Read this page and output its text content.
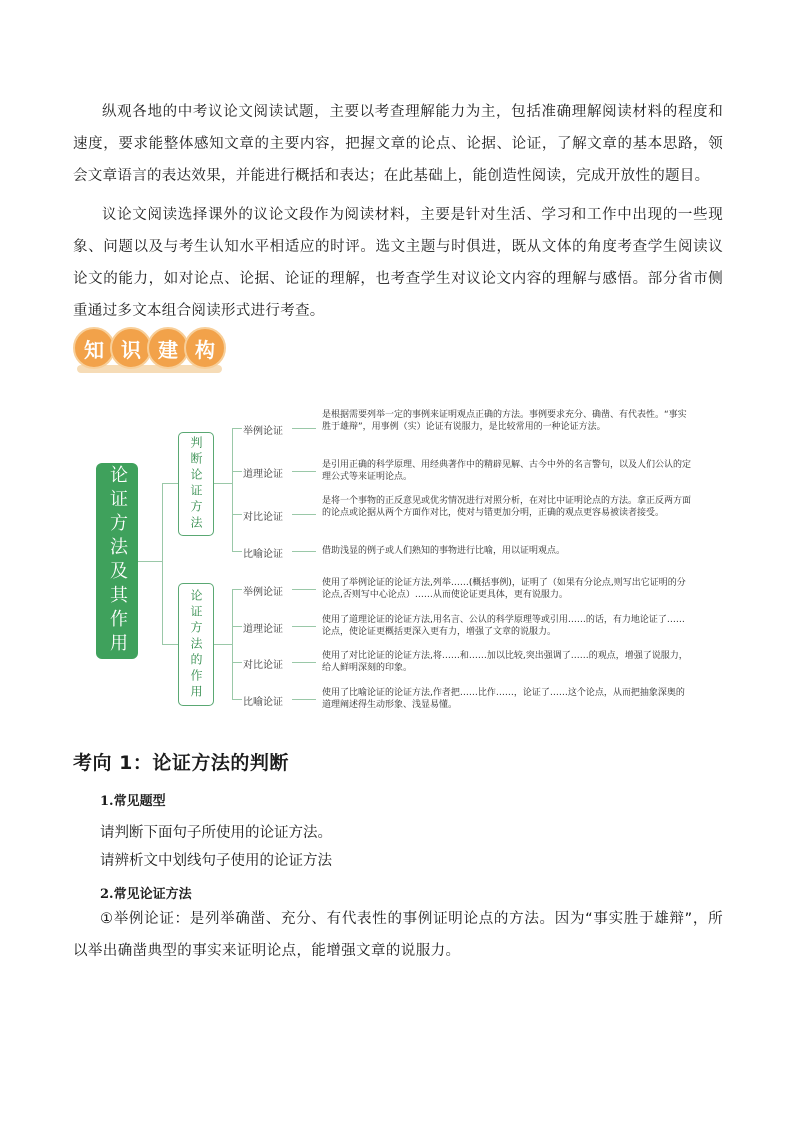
纵观各地的中考议论文阅读试题，主要以考查理解能力为主，包括准确理解阅读材料的程度和速度，要求能整体感知文章的主要内容，把握文章的论点、论据、论证，了解文章的基本思路，领会文章语言的表达效果，并能进行概括和表达；在此基础上，能创造性阅读，完成开放性的题目。
议论文阅读选择课外的议论文段作为阅读材料，主要是针对生活、学习和工作中出现的一些现象、问题以及与考生认知水平相适应的时评。选文主题与时俱进，既从文体的角度考查学生阅读议论文的能力，如对论点、论据、论证的理解，也考查学生对议论文内容的理解与感悟。部分省市侧重通过多文本组合阅读形式进行考查。
知 识 建 构
论证方法及其作用	判断论证方法
论证方法的作用
举例论证
是根据需要列举一定的事例来证明观点正确的方法。事例要求充分、确凿、有代表性。“事实胜于雄辩”，用事例（实）论证有说服力，是比较常用的一种论证方法。
道理论证
是引用正确的科学原理、用经典著作中的精辟见解、古今中外的名言警句，以及人们公认的定理公式等来证明论点。
对比论证
是将一个事物的正反意见或优劣情况进行对照分析，在对比中证明论点的方法。拿正反两方面的论点或论据从两个方面作对比，使对与错更加分明，正确的观点更容易被读者接受。
比喻论证	借助浅显的例子或人们熟知的事物进行比喻，用以证明观点。
举例论证
使用了举例论证的论证方法,列举……(概括事例)，证明了（如果有分论点,则写出它证明的分论点,否则写中心论点）……从而使论证更具体，更有说服力。
道理论证
使用了道理论证的论证方法,用名言、公认的科学原理等或引用……的话，有力地论证了……论点，使论证更概括更深入更有力，增强了文章的说服力。
对比论证
使用了对比论证的论证方法,将……和……加以比较,突出强调了……的观点，增强了说服力，给人鲜明深刻的印象。
比喻论证
使用了比喻论证的论证方法,作者把……比作……，论证了……这个论点，从而把抽象深奥的道理阐述得生动形象、浅显易懂。
考向 1：论证方法的判断
1.常见题型
请判断下面句子所使用的论证方法。
请辨析文中划线句子使用的论证方法
2.常见论证方法
①举例论证：是列举确凿、充分、有代表性的事例证明论点的方法。因为“事实胜于雄辩”，所以举出确凿典型的事实来证明论点，能增强文章的说服力。
